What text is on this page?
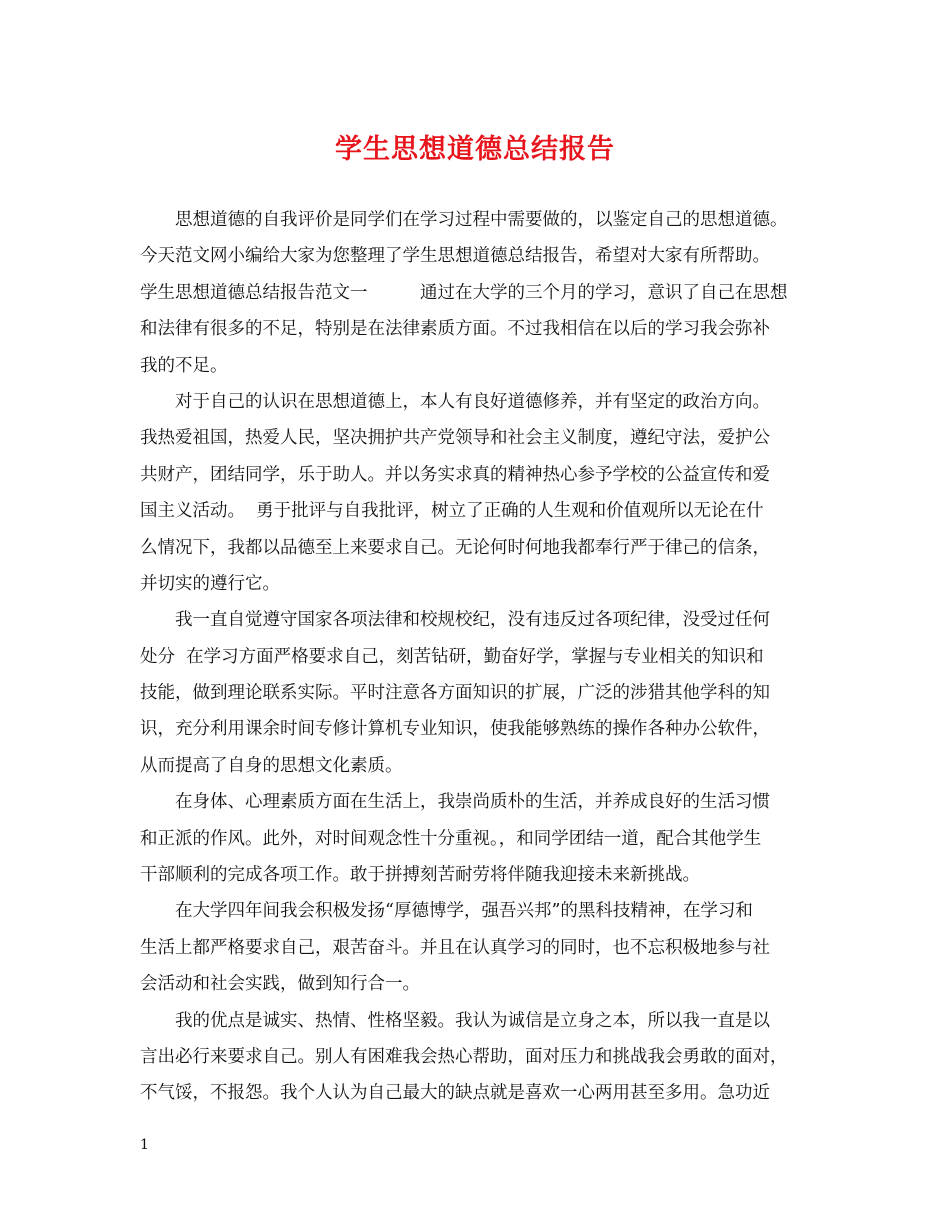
学生思想道德总结报告
　　思想道德的自我评价是同学们在学习过程中需要做的，以鉴定自己的思想道德。
今天范文网小编给大家为您整理了学生思想道德总结报告，希望对大家有所帮助。
学生思想道德总结报告范文一　　　通过在大学的三个月的学习，意识了自己在思想
和法律有很多的不足，特别是在法律素质方面。不过我相信在以后的学习我会弥补
我的不足。
　　对于自己的认识在思想道德上，本人有良好道德修养，并有坚定的政治方向。
我热爱祖国，热爱人民，坚决拥护共产党领导和社会主义制度，遵纪守法，爱护公
共财产，团结同学，乐于助人。并以务实求真的精神热心参予学校的公益宣传和爱
国主义活动。  勇于批评与自我批评，树立了正确的人生观和价值观所以无论在什
么情况下，我都以品德至上来要求自己。无论何时何地我都奉行严于律己的信条，
并切实的遵行它。
　　我一直自觉遵守国家各项法律和校规校纪，没有违反过各项纪律，没受过任何
处分  在学习方面严格要求自己，刻苦钻研，勤奋好学，掌握与专业相关的知识和
技能，做到理论联系实际。平时注意各方面知识的扩展，广泛的涉猎其他学科的知
识，充分利用课余时间专修计算机专业知识，使我能够熟练的操作各种办公软件，
从而提高了自身的思想文化素质。
　　在身体、心理素质方面在生活上，我崇尚质朴的生活，并养成良好的生活习惯
和正派的作风。此外，对时间观念性十分重视。，和同学团结一道，配合其他学生
干部顺利的完成各项工作。敢于拼搏刻苦耐劳将伴随我迎接未来新挑战。
　　在大学四年间我会积极发扬“厚德博学，强吾兴邦”的黑科技精神，在学习和
生活上都严格要求自己，艰苦奋斗。并且在认真学习的同时，也不忘积极地参与社
会活动和社会实践，做到知行合一。
　　我的优点是诚实、热情、性格坚毅。我认为诚信是立身之本，所以我一直是以
言出必行来要求自己。别人有困难我会热心帮助，面对压力和挑战我会勇敢的面对，
不气馁，不报怨。我个人认为自己最大的缺点就是喜欢一心两用甚至多用。急功近
1
